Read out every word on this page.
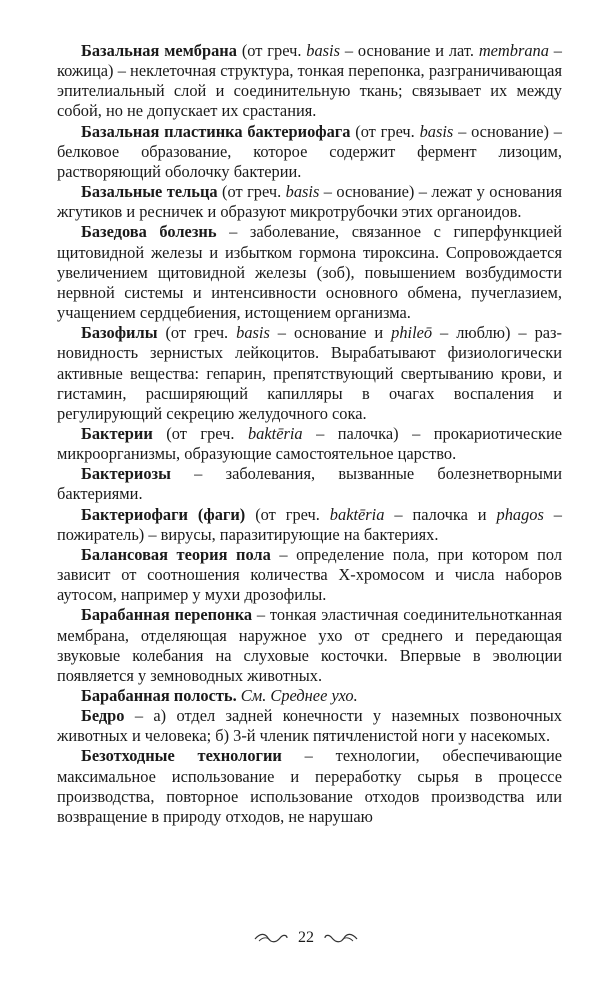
Базальная мембрана (от греч. basis – основание и лат. membrana – кожица) – неклеточная структура, тонкая перепонка, разграничивающая эпителиальный слой и соединительную ткань; связывает их между собой, но не допускает их срастания.

Базальная пластинка бактериофага (от греч. basis – основание) – белковое образование, которое содержит фермент лизоцим, растворяющий оболочку бактерии.

Базальные тельца (от греч. basis – основание) – лежат у основания жгутиков и ресничек и образуют микротрубочки этих органоидов.

Базедова болезнь – заболевание, связанное с гиперфункцией щитовидной железы и избытком гормона тироксина. Сопровождается увеличением щитовидной железы (зоб), повышением возбудимости нервной системы и интенсивности основного обмена, пучеглазием, учащением сердцебиения, истощением организма.

Базофилы (от греч. basis – основание и phileō – люблю) – разновидность зернистых лейкоцитов. Вырабатывают физиологически активные вещества: гепарин, препятствующий свертыванию крови, и гистамин, расширяющий капилляры в очагах воспаления и регулирующий секрецию желудочного сока.

Бактерии (от греч. baktēria – палочка) – прокариотические микроорганизмы, образующие самостоятельное царство.

Бактериозы – заболевания, вызванные болезнетворными бактериями.

Бактериофаги (фаги) (от греч. baktēria – палочка и phagos – пожиратель) – вирусы, паразитирующие на бактериях.

Балансовая теория пола – определение пола, при котором пол зависит от соотношения количества X-хромосом и числа наборов аутосом, например у мухи дрозофилы.

Барабанная перепонка – тонкая эластичная соединительнотканная мембрана, отделяющая наружное ухо от среднего и передающая звуковые колебания на слуховые косточки. Впервые в эволюции появляется у земноводных животных.

Барабанная полость. См. Среднее ухо.

Бедро – а) отдел задней конечности у наземных позвоночных животных и человека; б) 3-й членик пятичленистой ноги у насекомых.

Безотходные технологии – технологии, обеспечивающие максимальное использование и переработку сырья в процессе производства, повторное использование отходов производства или возвращение в природу отходов, не нарушаю

22
